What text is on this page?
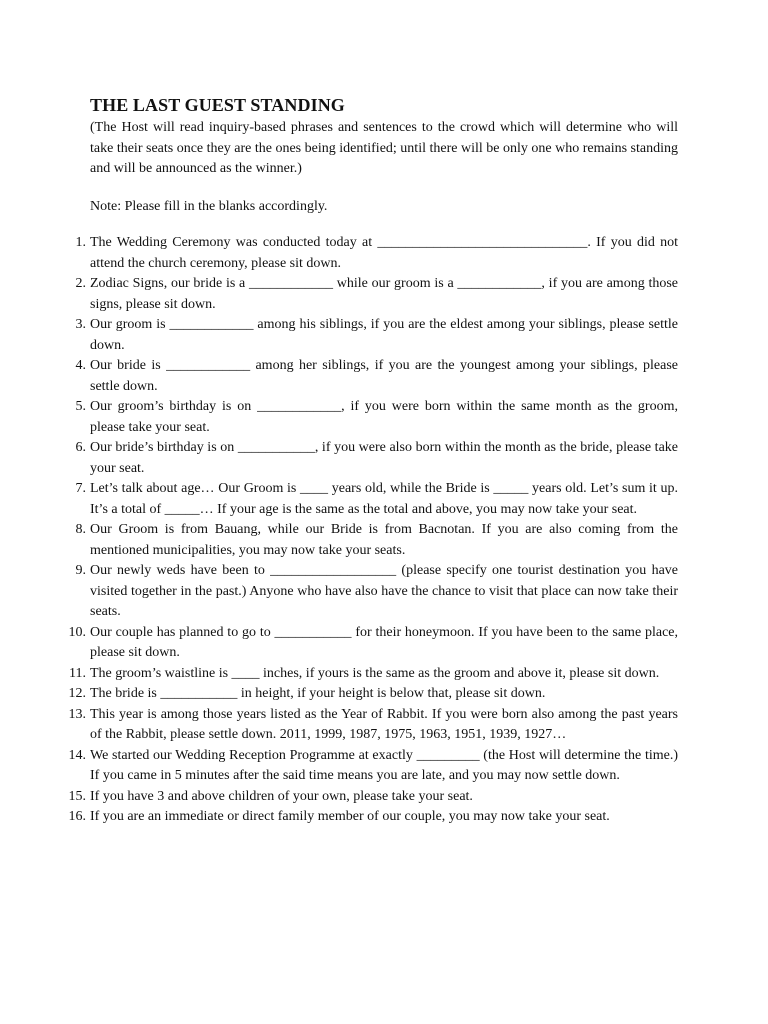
THE LAST GUEST STANDING

(The Host will read inquiry-based phrases and sentences to the crowd which will determine who will take their seats once they are the ones being identified; until there will be only one who remains standing and will be announced as the winner.)

Note: Please fill in the blanks accordingly.

1 . The Wedding Ceremony was conducted today at ______________________________. If you did not attend the church ceremony, please sit down.
2 . Zodiac Signs, our bride is a ____________ while our groom is a ____________, if you are among those signs, please sit down.
3 . Our groom is ____________ among his siblings, if you are the eldest among your siblings, please settle down.
4 . Our bride is ____________ among her siblings, if you are the youngest among your siblings, please settle down.
5 . Our groom’s birthday is on ____________, if you were born within the same month as the groom, please take your seat.
6 . Our bride’s birthday is on ___________, if you were also born within the month as the bride, please take your seat.
7 . Let’s talk about age… Our Groom is ____ years old, while the Bride is _____ years old. Let’s sum it up. It’s a total of _____… If your age is the same as the total and above, you may now take your seat.
8 . Our Groom is from Bauang, while our Bride is from Bacnotan. If you are also coming from the mentioned municipalities, you may now take your seats.
9 . Our newly weds have been to __________________ (please specify one tourist destination you have visited together in the past.) Anyone who have also have the chance to visit that place can now take their seats.
10 . Our couple has planned to go to ___________ for their honeymoon. If you have been to the same place, please sit down.
11 . The groom’s waistline is ____ inches, if yours is the same as the groom and above it, please sit down.
12 . The bride is ___________ in height, if your height is below that, please sit down.
13 . This year is among those years listed as the Year of Rabbit. If you were born also among the past years of the Rabbit, please settle down. 2011, 1999, 1987, 1975, 1963, 1951, 1939, 1927…
14 . We started our Wedding Reception Programme at exactly _________ (the Host will determine the time.) If you came in 5 minutes after the said time means you are late, and you may now settle down.
15 . If you have 3 and above children of your own, please take your seat.
16 . If you are an immediate or direct family member of our couple, you may now take your seat.
